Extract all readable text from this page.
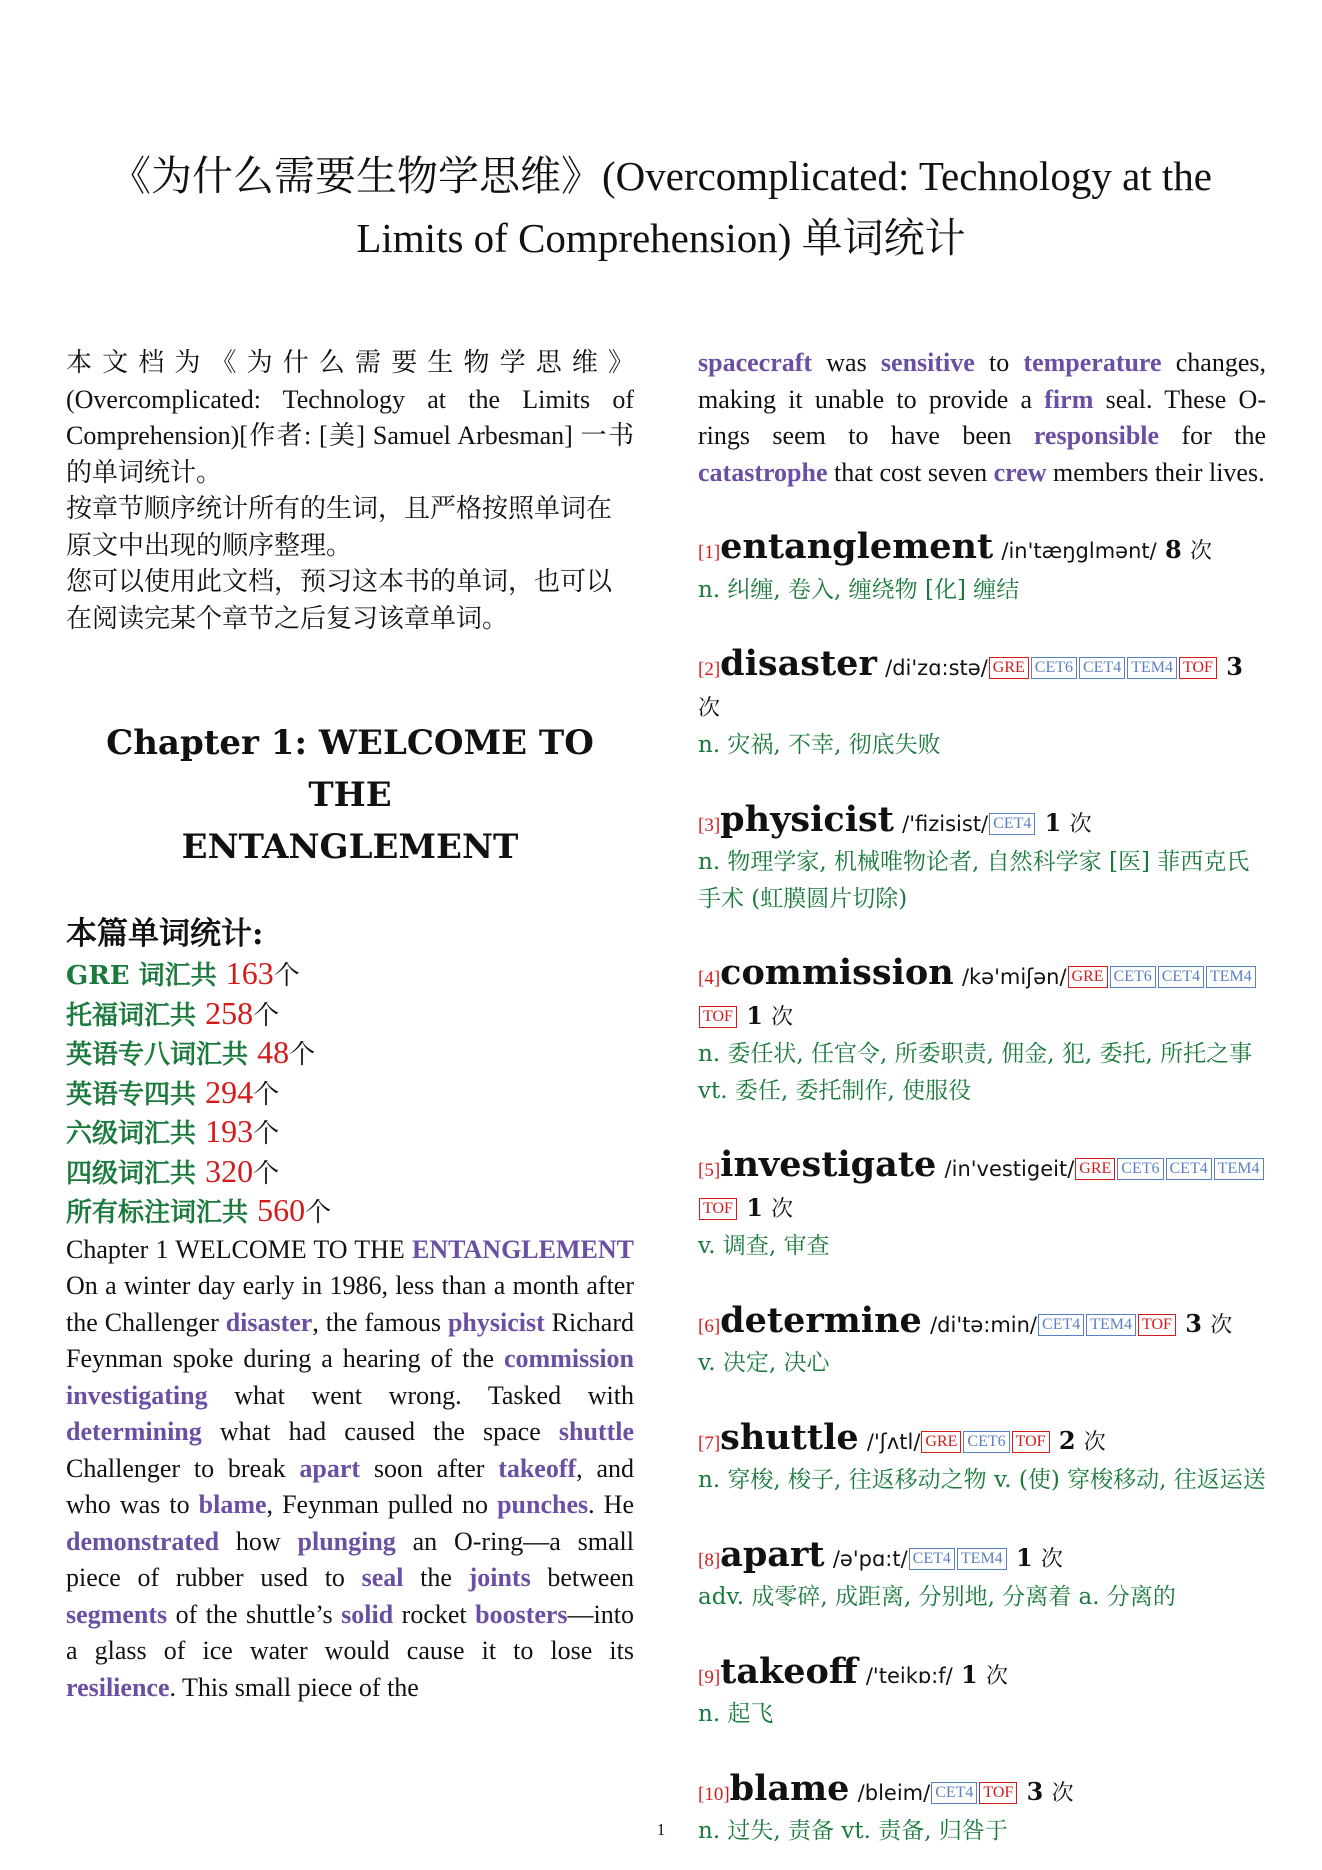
《为什么需要生物学思维》(Overcomplicated: Technology at the
Limits of Comprehension) 单词统计
本文档为《为什么需要生物学思维》(Overcomplicated: Technology at the Limits of Comprehension)[作者: [美] Samuel Arbesman] 一书的单词统计。
按章节顺序统计所有的生词，且严格按照单词在原文中出现的顺序整理。
您可以使用此文档，预习这本书的单词，也可以在阅读完某个章节之后复习该章单词。
Chapter 1: WELCOME TO THE
ENTANGLEMENT
本篇单词统计:
GRE 词汇共 163个
托福词汇共 258个
英语专八词汇共 48个
英语专四共 294个
六级词汇共 193个
四级词汇共 320个
所有标注词汇共 560个

Chapter 1 WELCOME TO THE ENTANGLEMENT On a winter day early in 1986, less than a month after the Challenger disaster, the famous physicist Richard Feynman spoke during a hearing of the commission investigating what went wrong. Tasked with determining what had caused the space shuttle Challenger to break apart soon after takeoff, and who was to blame, Feynman pulled no punches. He demonstrated how plunging an O-ring—a small piece of rubber used to seal the joints between segments of the shuttle’s solid rocket boosters—into a glass of ice water would cause it to lose its resilience. This small piece of the

spacecraft was sensitive to temperature changes, making it unable to provide a firm seal. These O-rings seem to have been responsible for the catastrophe that cost seven crew members their lives.

[1]entanglement /in'tæŋglmənt/ 8 次
n. 纠缠, 卷入, 缠绕物 [化] 缠结
[2]disaster /di'zɑ:stə/ GRE CET6 CET4 TEM4 TOF 3 次
n. 灾祸, 不幸, 彻底失败
[3]physicist /'fizisist/ CET4 1 次
n. 物理学家, 机械唯物论者, 自然科学家 [医] 菲西克氏手术 (虹膜圆片切除)
[4]commission /kə'miʃən/ GRE CET6 CET4 TEM4TOF 1 次
n. 委任状, 任官令, 所委职责, 佣金, 犯, 委托, 所托之事
vt. 委任, 委托制作, 使服役
[5]investigate /in'vestigeit/ GRE CET6 CET4 TEM4TOF 1 次
v. 调查, 审查
[6]determine /di'tə:min/ CET4 TEM4 TOF 3 次
v. 决定, 决心
[7]shuttle /'ʃʌtl/ GRE CET6 TOF 2 次
n. 穿梭, 梭子, 往返移动之物 v. (使) 穿梭移动, 往返运送
[8]apart /ə'pɑ:t/ CET4 TEM4 1 次
adv. 成零碎, 成距离, 分别地, 分离着 a. 分离的
[9]takeoff /'teikɒ:f/ 1 次
n. 起飞
[10]blame /bleim/ CET4 TOF 3 次
n. 过失, 责备 vt. 责备, 归咎于
1
